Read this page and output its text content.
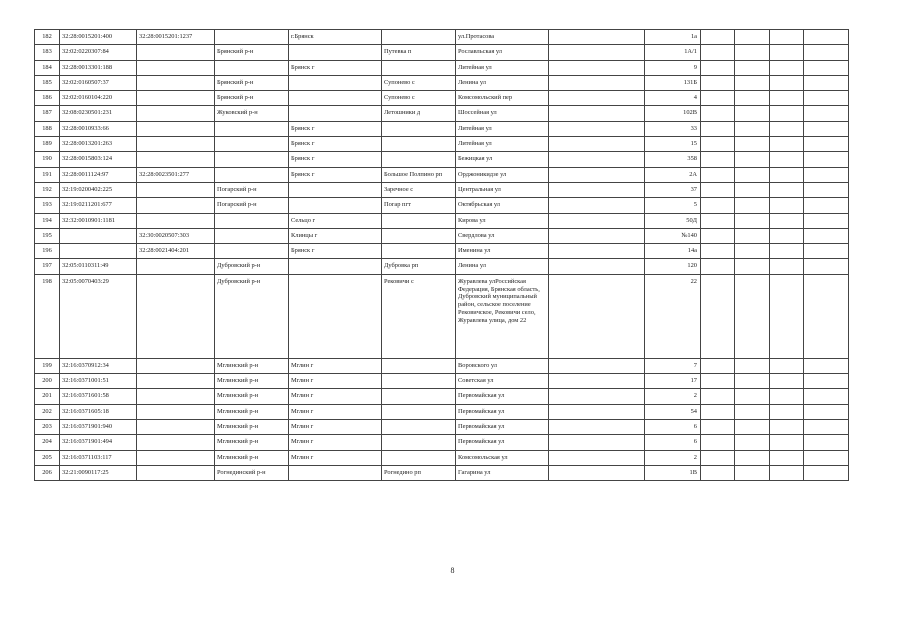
182	32:28:0015201:400	32:28:0015201:1237		г.Брянск		ул.Протасова		1а				
183	32:02:0220307:84		Брянский р-н		Путевка п	Рославльская ул		1А/1				
184	32:28:0013301:188			Брянск г		Литейная ул		9				
185	32:02:0160507:37		Брянский р-н		Супонево с	Ленина ул		131Б				
186	32:02:0160104:220		Брянский р-н		Супонево с	Комсомольский пер		4				
187	32:08:0230501:231		Жуковский р-н		Летошники д	Шоссейная ул		102В				
188	32:28:0010933:66			Брянск г		Литейная ул		33				
189	32:28:0013201:263			Брянск г		Литейная ул		15				
190	32:28:0015803:124			Брянск г		Бежицкая ул		358				
191	32:28:0011124:97	32:28:0023501:277		Брянск г	Большое Полпино рп	Орджоникидзе ул		2А				
192	32:19:0200402:225		Погарский р-н		Заречное с	Центральная ул		37				
193	32:19:0211201:677		Погарский р-н		Погар пгт	Октябрьская ул		5				
194	32:32:0010901:1181			Сельцо г		Кирова ул		50Д				
195		32:30:0020507:303		Клинцы г		Свердлова ул		№140				
196		32:28:0021404:201		Брянск г		Именина ул		14а				
197	32:05:0110311:49		Дубровский р-н		Дубровка рп	Ленина ул		120				
198	32:05:0070403:29		Дубровский р-н		Рековичи с	Журавлева улРоссийская Федерация, Брянская область, Дубровский муниципальный район, сельское поселение Рековичское, Рековичи село, Журавлева улица, дом 22		22				
199	32:16:0370912:34		Мглинский р-н	Мглин г		Воровского ул		7				
200	32:16:0371001:51		Мглинский р-н	Мглин г		Советская ул		17				
201	32:16:0371601:58		Мглинский р-н	Мглин г		Первомайская ул		2				
202	32:16:0371605:18		Мглинский р-н	Мглин г		Первомайская ул		54				
203	32:16:0371901:940		Мглинский р-н	Мглин г		Первомайская ул		6				
204	32:16:0371901:494		Мглинский р-н	Мглин г		Первомайская ул		6				
205	32:16:0371103:117		Мглинский р-н	Мглин г		Комсомольская ул		2				
206	32:21:0090117:25		Рогнединский р-н		Рогнедино рп	Гагарина ул		1В				
8
